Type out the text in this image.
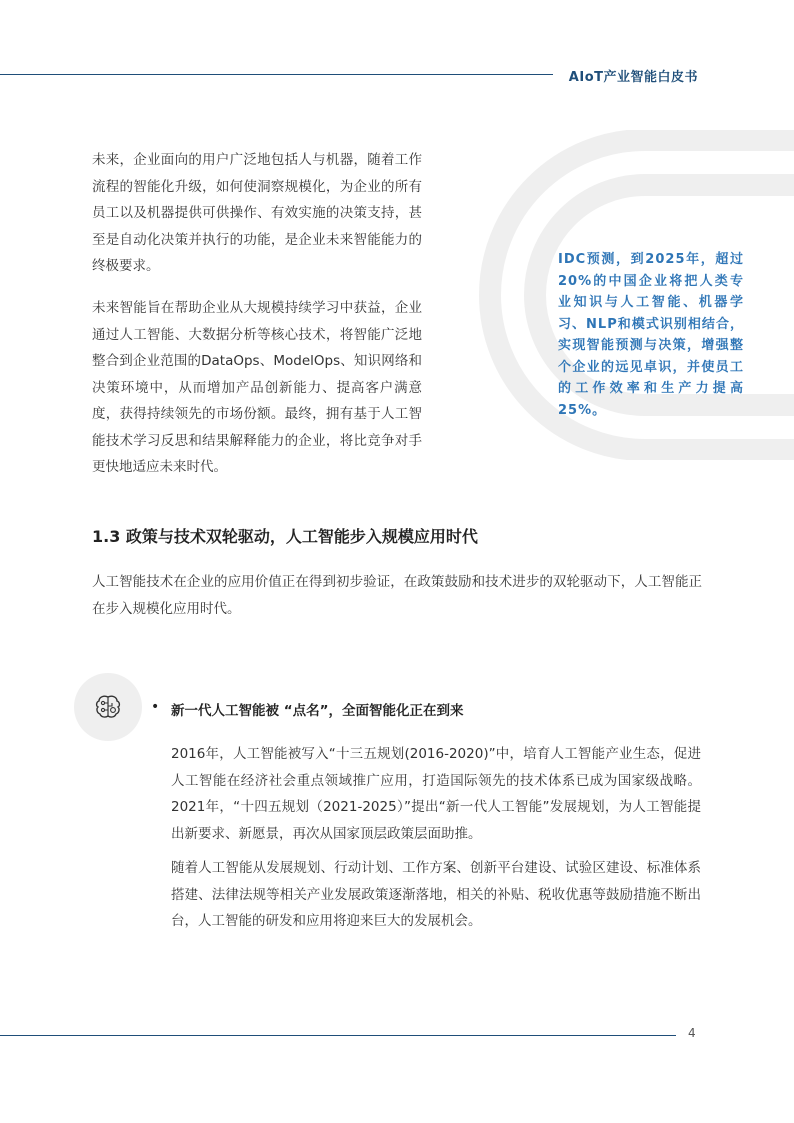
AIoT产业智能白皮书

未来，企业面向的用户广泛地包括人与机器，随着工作流程的智能化升级，如何使洞察规模化，为企业的所有员工以及机器提供可供操作、有效实施的决策支持，甚至是自动化决策并执行的功能，是企业未来智能能力的终极要求。

未来智能旨在帮助企业从大规模持续学习中获益，企业通过人工智能、大数据分析等核心技术，将智能广泛地整合到企业范围的DataOps、ModelOps、知识网络和决策环境中，从而增加产品创新能力、提高客户满意度，获得持续领先的市场份额。最终，拥有基于人工智能技术学习反思和结果解释能力的企业，将比竞争对手更快地适应未来时代。

IDC预测，到2025年，超过20%的中国企业将把人类专业知识与人工智能、机器学习、NLP和模式识别相结合，实现智能预测与决策，增强整个企业的远见卓识，并使员工的工作效率和生产力提高25%。

1.3 政策与技术双轮驱动，人工智能步入规模应用时代

人工智能技术在企业的应用价值正在得到初步验证，在政策鼓励和技术进步的双轮驱动下，人工智能正在步入规模化应用时代。

• 新一代人工智能被 “点名”，全面智能化正在到来

2016年，人工智能被写入“十三五规划(2016-2020)”中，培育人工智能产业生态，促进人工智能在经济社会重点领域推广应用，打造国际领先的技术体系已成为国家级战略。2021年，“十四五规划（2021-2025）”提出“新一代人工智能”发展规划，为人工智能提出新要求、新愿景，再次从国家顶层政策层面助推。

随着人工智能从发展规划、行动计划、工作方案、创新平台建设、试验区建设、标准体系搭建、法律法规等相关产业发展政策逐渐落地，相关的补贴、税收优惠等鼓励措施不断出台，人工智能的研发和应用将迎来巨大的发展机会。

4
